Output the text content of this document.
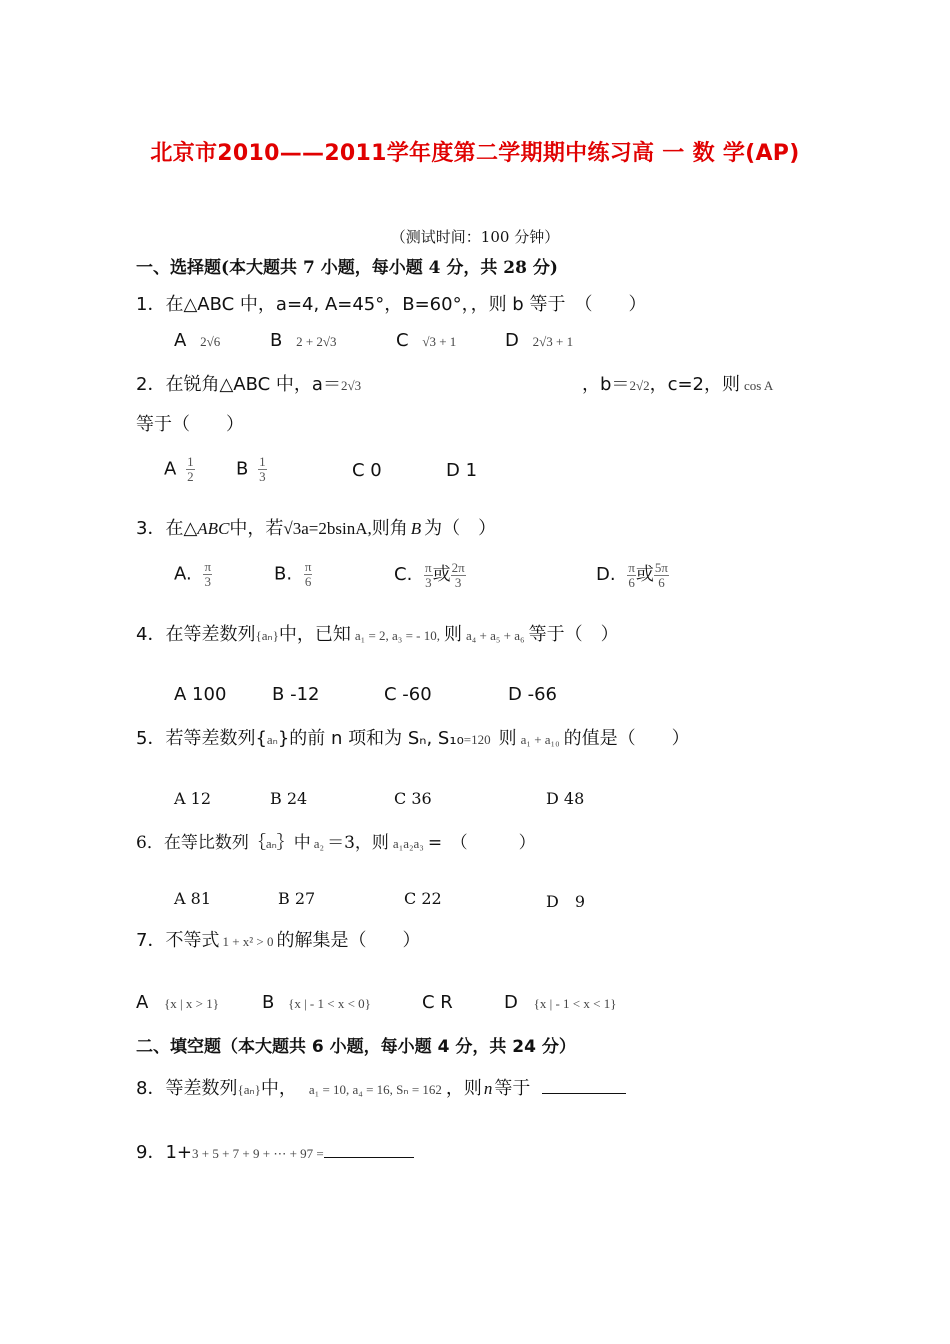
北京市2010——2011学年度第二学期期中练习高 一 数 学(AP)
（测试时间：100 分钟）
一、选择题(本大题共 7 小题，每小题 4 分，共 28 分)
1．在△ABC 中，a=4, A=45°，B=60°，，则 b 等于　（　　）
A 2√6	B 2 + 2√3	C √3 + 1	D 2√3 + 1
2．在锐角△ABC 中，a＝2√3	，b＝2√2，c=2，则 cos A
等于（　　）
A $\frac{1}{2}$ B $\frac{1}{3}$	C 0	D 1
3．在△ABC中，若√3a=2bsinA,则角 B 为（　）
A. $\frac{\pi}{3}$	B. $\frac{\pi}{6}$	C. $\frac{\pi}{3}$ 或 $\frac{2\pi}{3}$	D. $\frac{\pi}{6}$ 或 $\frac{5\pi}{6}$
4．在等差数列{aₙ}中，已知 a₁ = 2, a₃ = - 10, 则 a₄ + a₅ + a₆ 等于（　）
A 100	B -12	C -60	D -66
5．若等差数列{aₙ}的前 n 项和为 Sₙ, S₁₀=120 则 a₁ + a₁₀ 的值是（　　）
A 12	B 24	C 36	D 48
6．在等比数列｛aₙ｝中 a₂ ＝3，则 a₁a₂a₃ =　（　　　）
A 81	B 27	C 22	D　9
7．不等式 1 + x² > 0 的解集是（　　）
A {x | x > 1} B {x | - 1 < x < 0}	C R	D {x | - 1 < x < 1}
二、填空题（本大题共 6 小题，每小题 4 分，共 24 分）
8．等差数列{aₙ}中， a₁ = 10, a₄ = 16, Sₙ = 162 ，则 n 等于
9．1+3 + 5 + 7 + 9 + ⋯ + 97 =
